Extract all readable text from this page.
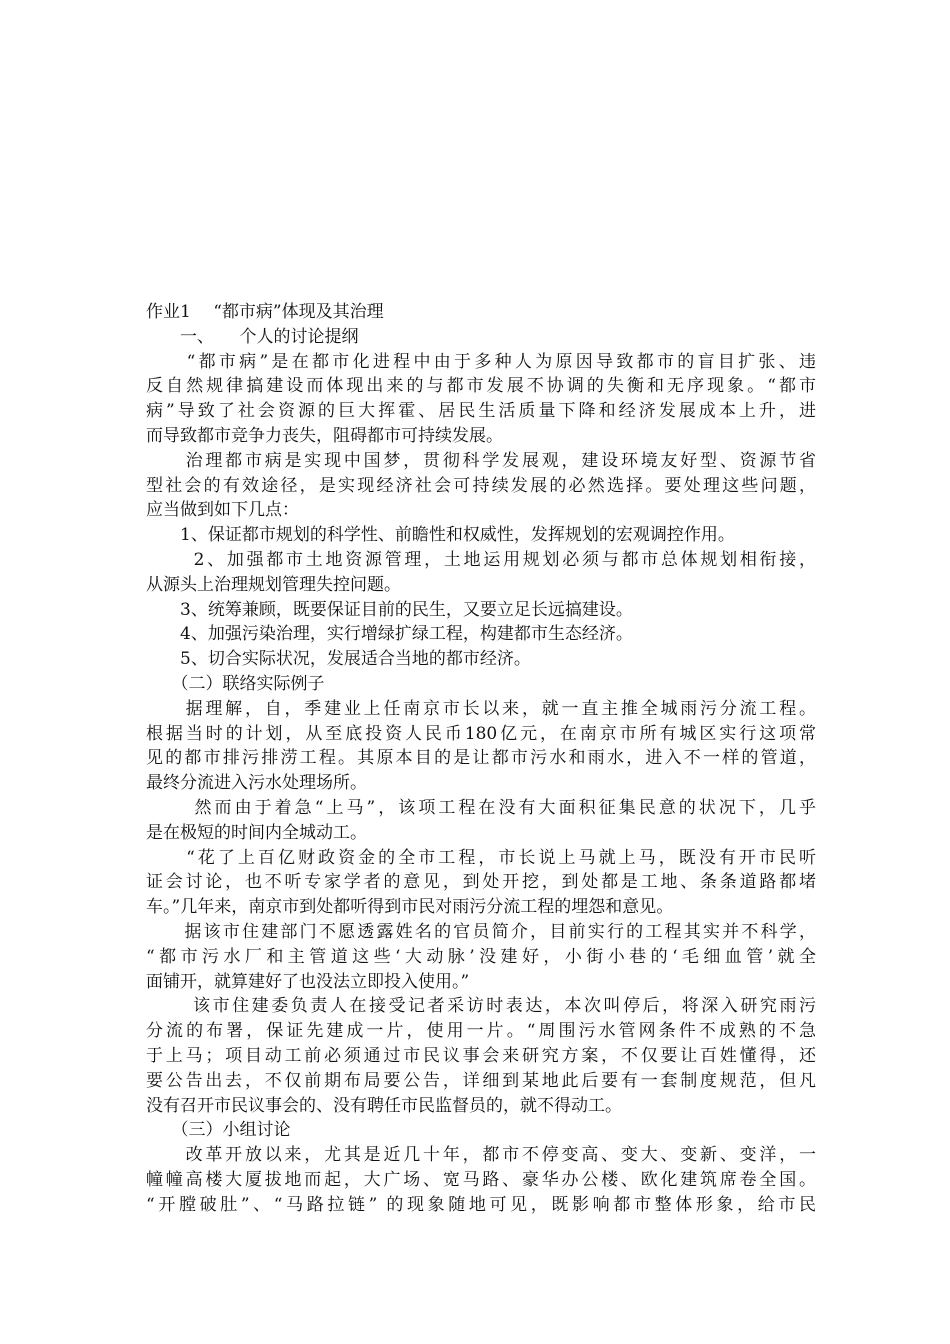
作业1　 “都市病”体现及其治理
　　一、　　个人的讨论提纲
　　“都市病”是在都市化进程中由于多种人为原因导致都市的盲目扩张、违
反自然规律搞建设而体现出来的与都市发展不协调的失衡和无序现象。“都市
病”导致了社会资源的巨大挥霍、居民生活质量下降和经济发展成本上升，进
而导致都市竞争力丧失，阻碍都市可持续发展。
　　治理都市病是实现中国梦，贯彻科学发展观，建设环境友好型、资源节省
型社会的有效途径，是实现经济社会可持续发展的必然选择。要处理这些问题，
应当做到如下几点：
　　1、保证都市规划的科学性、前瞻性和权威性，发挥规划的宏观调控作用。
　　 2、加强都市土地资源管理，土地运用规划必须与都市总体规划相衔接，
从源头上治理规划管理失控问题。
　　3、统筹兼顾，既要保证目前的民生，又要立足长远搞建设。
　　4、加强污染治理，实行增绿扩绿工程，构建都市生态经济。
　　5、切合实际状况，发展适合当地的都市经济。
　　（二）联络实际例子
　　据理解，自，季建业上任南京市长以来，就一直主推全城雨污分流工程。
根据当时的计划，从至底投资人民币180亿元，在南京市所有城区实行这项常
见的都市排污排涝工程。其原本目的是让都市污水和雨水，进入不一样的管道，
最终分流进入污水处理场所。
　　 然而由于着急“上马”，该项工程在没有大面积征集民意的状况下，几乎
是在极短的时间内全城动工。
　　“花了上百亿财政资金的全市工程，市长说上马就上马，既没有开市民听
证会讨论，也不听专家学者的意见，到处开挖，到处都是工地、条条道路都堵
车。”几年来，南京市到处都听得到市民对雨污分流工程的埋怨和意见。
　　据该市住建部门不愿透露姓名的官员简介，目前实行的工程其实并不科学，
“都市污水厂和主管道这些‘大动脉’没建好，小街小巷的‘毛细血管’就全
面铺开，就算建好了也没法立即投入使用。”
　　 该市住建委负责人在接受记者采访时表达，本次叫停后，将深入研究雨污
分流的布署，保证先建成一片，使用一片。“周围污水管网条件不成熟的不急
于上马；项目动工前必须通过市民议事会来研究方案，不仅要让百姓懂得，还
要公告出去，不仅前期布局要公告，详细到某地此后要有一套制度规范，但凡
没有召开市民议事会的、没有聘任市民监督员的，就不得动工。
　　（三）小组讨论
　　改革开放以来，尤其是近几十年，都市不停变高、变大、变新、变洋，一
幢幢高楼大厦拔地而起，大广场、宽马路、豪华办公楼、欧化建筑席卷全国。
“开膛破肚”、“马路拉链” 的现象随地可见，既影响都市整体形象，给市民
